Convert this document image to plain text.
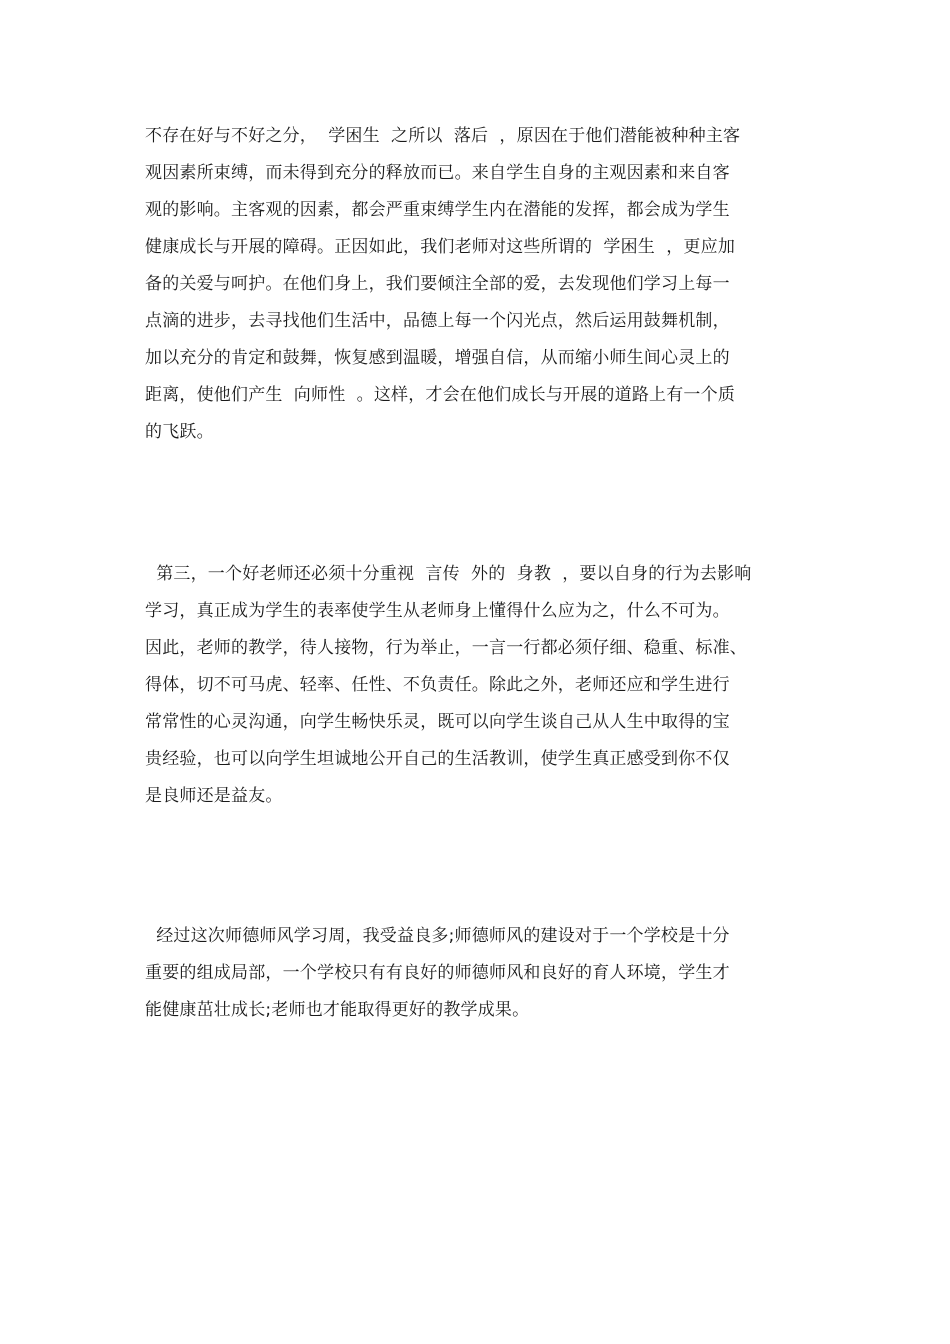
不存在好与不好之分，  学困生  之所以  落后  ，原因在于他们潜能被种种主客
观因素所束缚，而未得到充分的释放而已。来自学生自身的主观因素和来自客
观的影响。主客观的因素，都会严重束缚学生内在潜能的发挥，都会成为学生
健康成长与开展的障碍。正因如此，我们老师对这些所谓的  学困生  ，更应加
备的关爱与呵护。在他们身上，我们要倾注全部的爱，去发现他们学习上每一
点滴的进步，去寻找他们生活中，品德上每一个闪光点，然后运用鼓舞机制，
加以充分的肯定和鼓舞，恢复感到温暖，增强自信，从而缩小师生间心灵上的
距离，使他们产生  向师性  。这样，才会在他们成长与开展的道路上有一个质
的飞跃。

第三，一个好老师还必须十分重视  言传  外的  身教  ，要以自身的行为去影响
学习，真正成为学生的表率使学生从老师身上懂得什么应为之，什么不可为。
因此，老师的教学，待人接物，行为举止，一言一行都必须仔细、稳重、标准、
得体，切不可马虎、轻率、任性、不负责任。除此之外，老师还应和学生进行
常常性的心灵沟通，向学生畅快乐灵，既可以向学生谈自己从人生中取得的宝
贵经验，也可以向学生坦诚地公开自己的生活教训，使学生真正感受到你不仅
是良师还是益友。

经过这次师德师风学习周，我受益良多;师德师风的建设对于一个学校是十分
重要的组成局部，一个学校只有有良好的师德师风和良好的育人环境，学生才
能健康茁壮成长;老师也才能取得更好的教学成果。
